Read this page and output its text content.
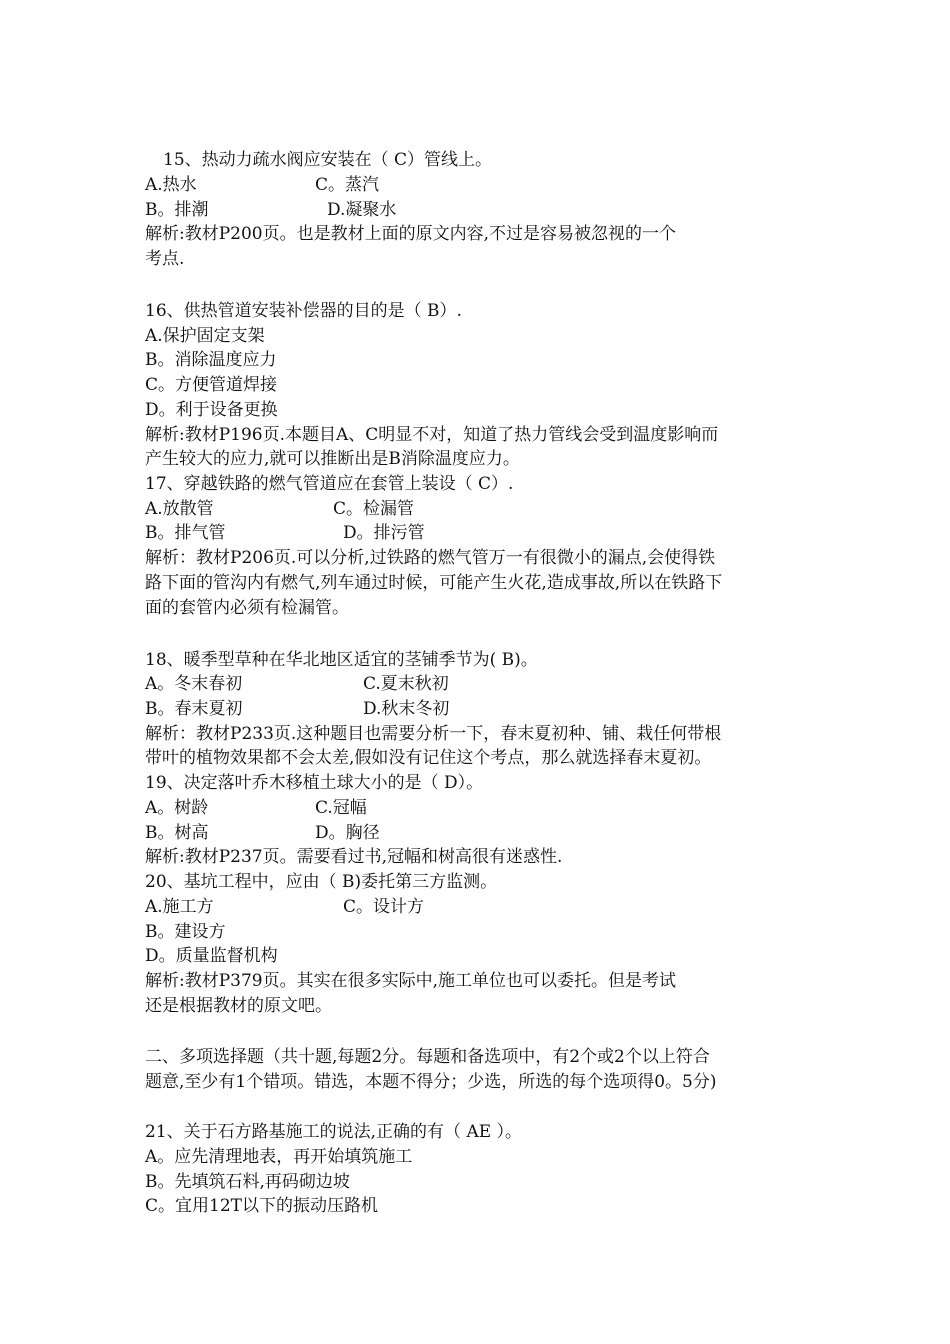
15、热动力疏水阀应安装在（ C）管线上。
A.热水	C。蒸汽
B。排潮	D.凝聚水
解析:教材P200页。也是教材上面的原文内容,不过是容易被忽视的一个
考点.
16、供热管道安装补偿器的目的是（ B）.
A.保护固定支架
B。消除温度应力
C。方便管道焊接
D。利于设备更换
解析:教材P196页.本题目A、C明显不对，知道了热力管线会受到温度影响而
产生较大的应力,就可以推断出是B消除温度应力。
17、穿越铁路的燃气管道应在套管上装设（ C）.
A.放散管	C。检漏管
B。排气管	D。排污管
解析：教材P206页.可以分析,过铁路的燃气管万一有很微小的漏点,会使得铁
路下面的管沟内有燃气,列车通过时候，可能产生火花,造成事故,所以在铁路下
面的套管内必须有检漏管。
18、暖季型草种在华北地区适宜的茎铺季节为( B)。
A。冬末春初	C.夏末秋初
B。春末夏初	D.秋末冬初
解析：教材P233页.这种题目也需要分析一下，春末夏初种、铺、栽任何带根
带叶的植物效果都不会太差,假如没有记住这个考点，那么就选择春末夏初。
19、决定落叶乔木移植土球大小的是（ D）。
A。树龄	C.冠幅
B。树高	D。胸径
解析:教材P237页。需要看过书,冠幅和树高很有迷惑性.
20、基坑工程中，应由（ B)委托第三方监测。
A.施工方	C。设计方
B。建设方
D。质量监督机构
解析:教材P379页。其实在很多实际中,施工单位也可以委托。但是考试
还是根据教材的原文吧。
二、多项选择题（共十题,每题2分。每题和备选项中，有2个或2个以上符合
题意,至少有1个错项。错选，本题不得分；少选，所选的每个选项得0。5分)
21、关于石方路基施工的说法,正确的有（ AE ）。
A。应先清理地表，再开始填筑施工
B。先填筑石料,再码砌边坡
C。宜用12T以下的振动压路机
